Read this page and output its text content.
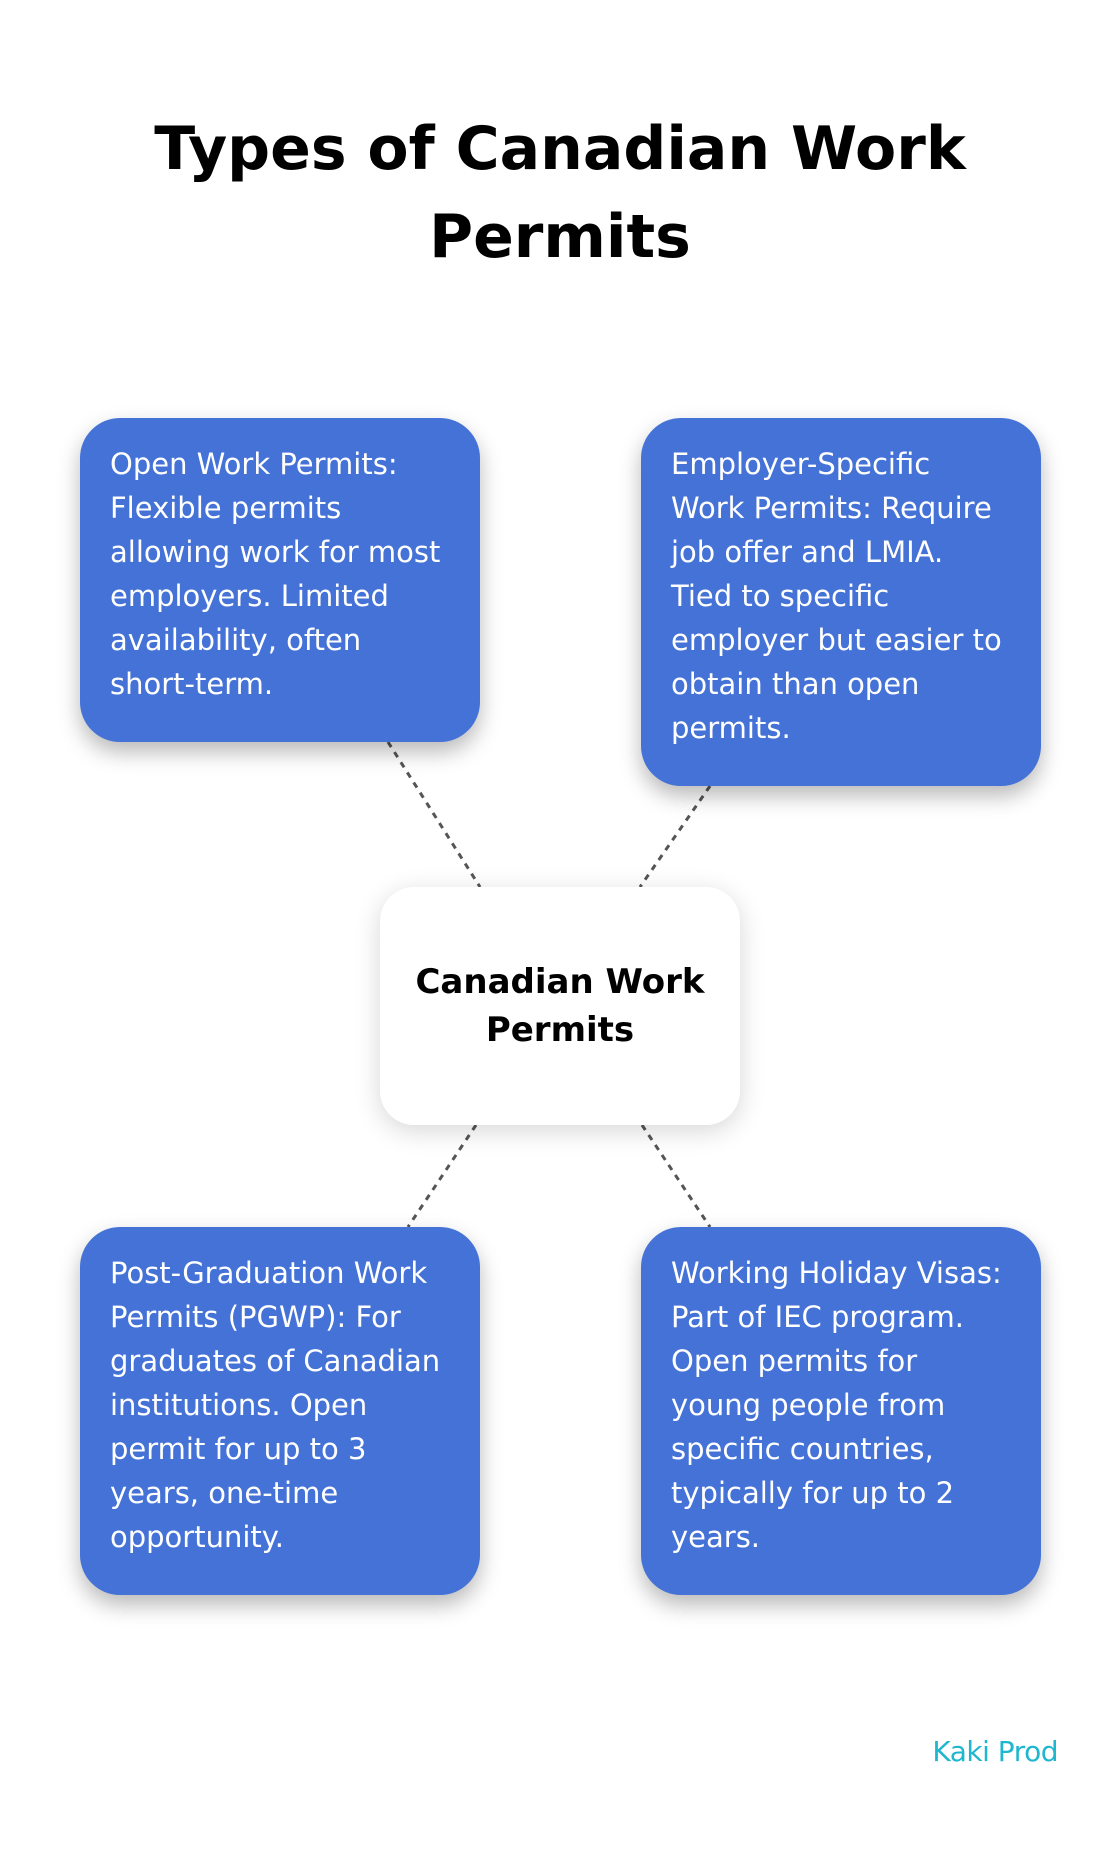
Types of Canadian Work Permits
Open Work Permits: Flexible permits allowing work for most employers. Limited availability, often short-term.
Employer-Specific Work Permits: Require job offer and LMIA. Tied to specific employer but easier to obtain than open permits.
Canadian Work Permits
Post-Graduation Work Permits (PGWP): For graduates of Canadian institutions. Open permit for up to 3 years, one-time opportunity.
Working Holiday Visas: Part of IEC program. Open permits for young people from specific countries, typically for up to 2 years.
Kaki Prod
